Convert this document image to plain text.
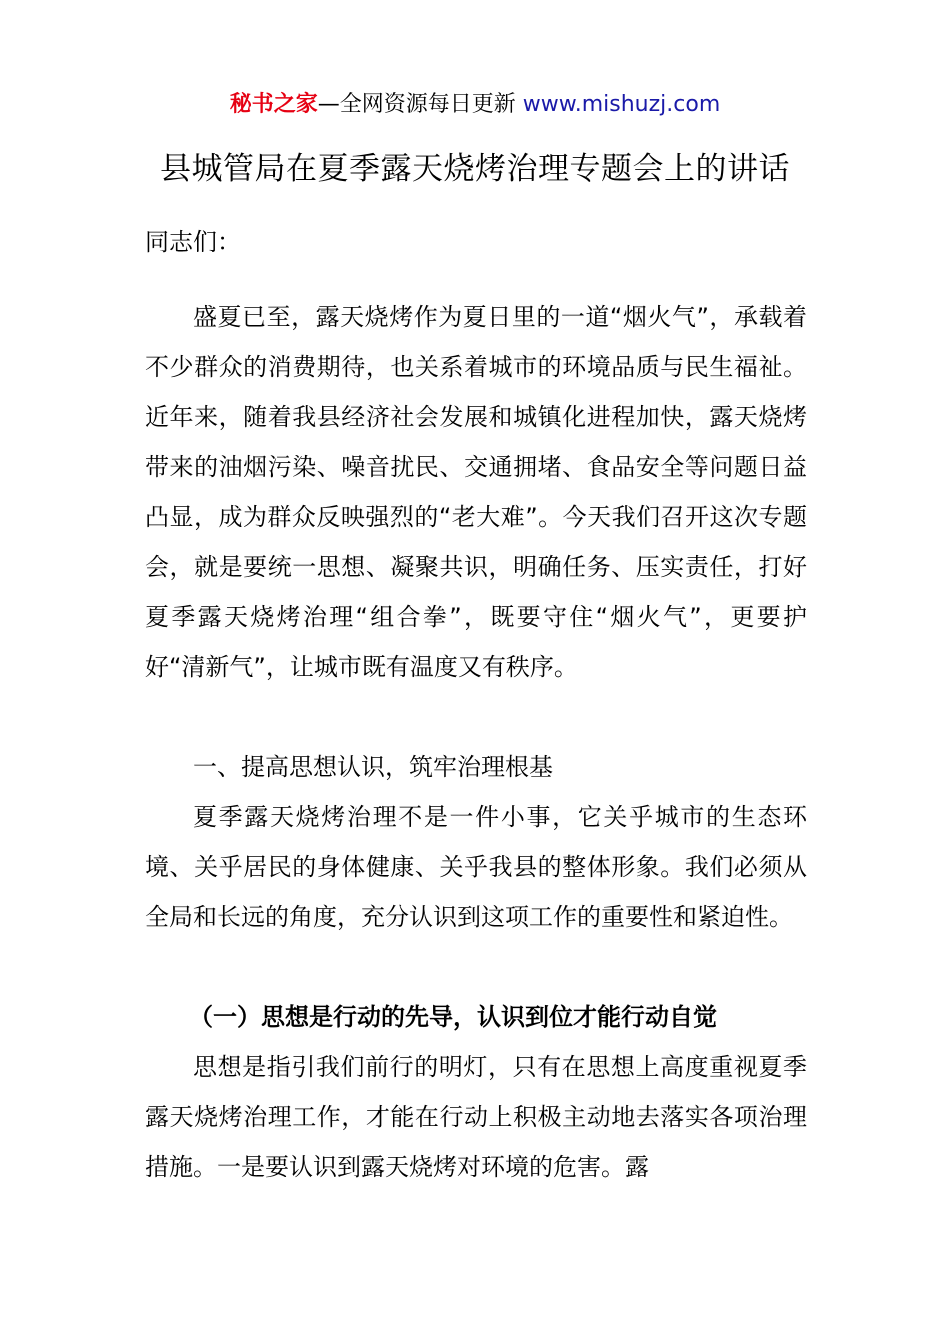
秘书之家—全网资源每日更新 www.mishuzj.com
县城管局在夏季露天烧烤治理专题会上的讲话

同志们：

盛夏已至，露天烧烤作为夏日里的一道“烟火气”，承载着不少群众的消费期待，也关系着城市的环境品质与民生福祉。近年来，随着我县经济社会发展和城镇化进程加快，露天烧烤带来的油烟污染、噪音扰民、交通拥堵、食品安全等问题日益凸显，成为群众反映强烈的“老大难”。今天我们召开这次专题会，就是要统一思想、凝聚共识，明确任务、压实责任，打好夏季露天烧烤治理“组合拳”，既要守住“烟火气”，更要护好“清新气”，让城市既有温度又有秩序。

一、提高思想认识，筑牢治理根基

夏季露天烧烤治理不是一件小事，它关乎城市的生态环境、关乎居民的身体健康、关乎我县的整体形象。我们必须从全局和长远的角度，充分认识到这项工作的重要性和紧迫性。

（一）思想是行动的先导，认识到位才能行动自觉

思想是指引我们前行的明灯，只有在思想上高度重视夏季露天烧烤治理工作，才能在行动上积极主动地去落实各项治理措施。一是要认识到露天烧烤对环境的危害。露
